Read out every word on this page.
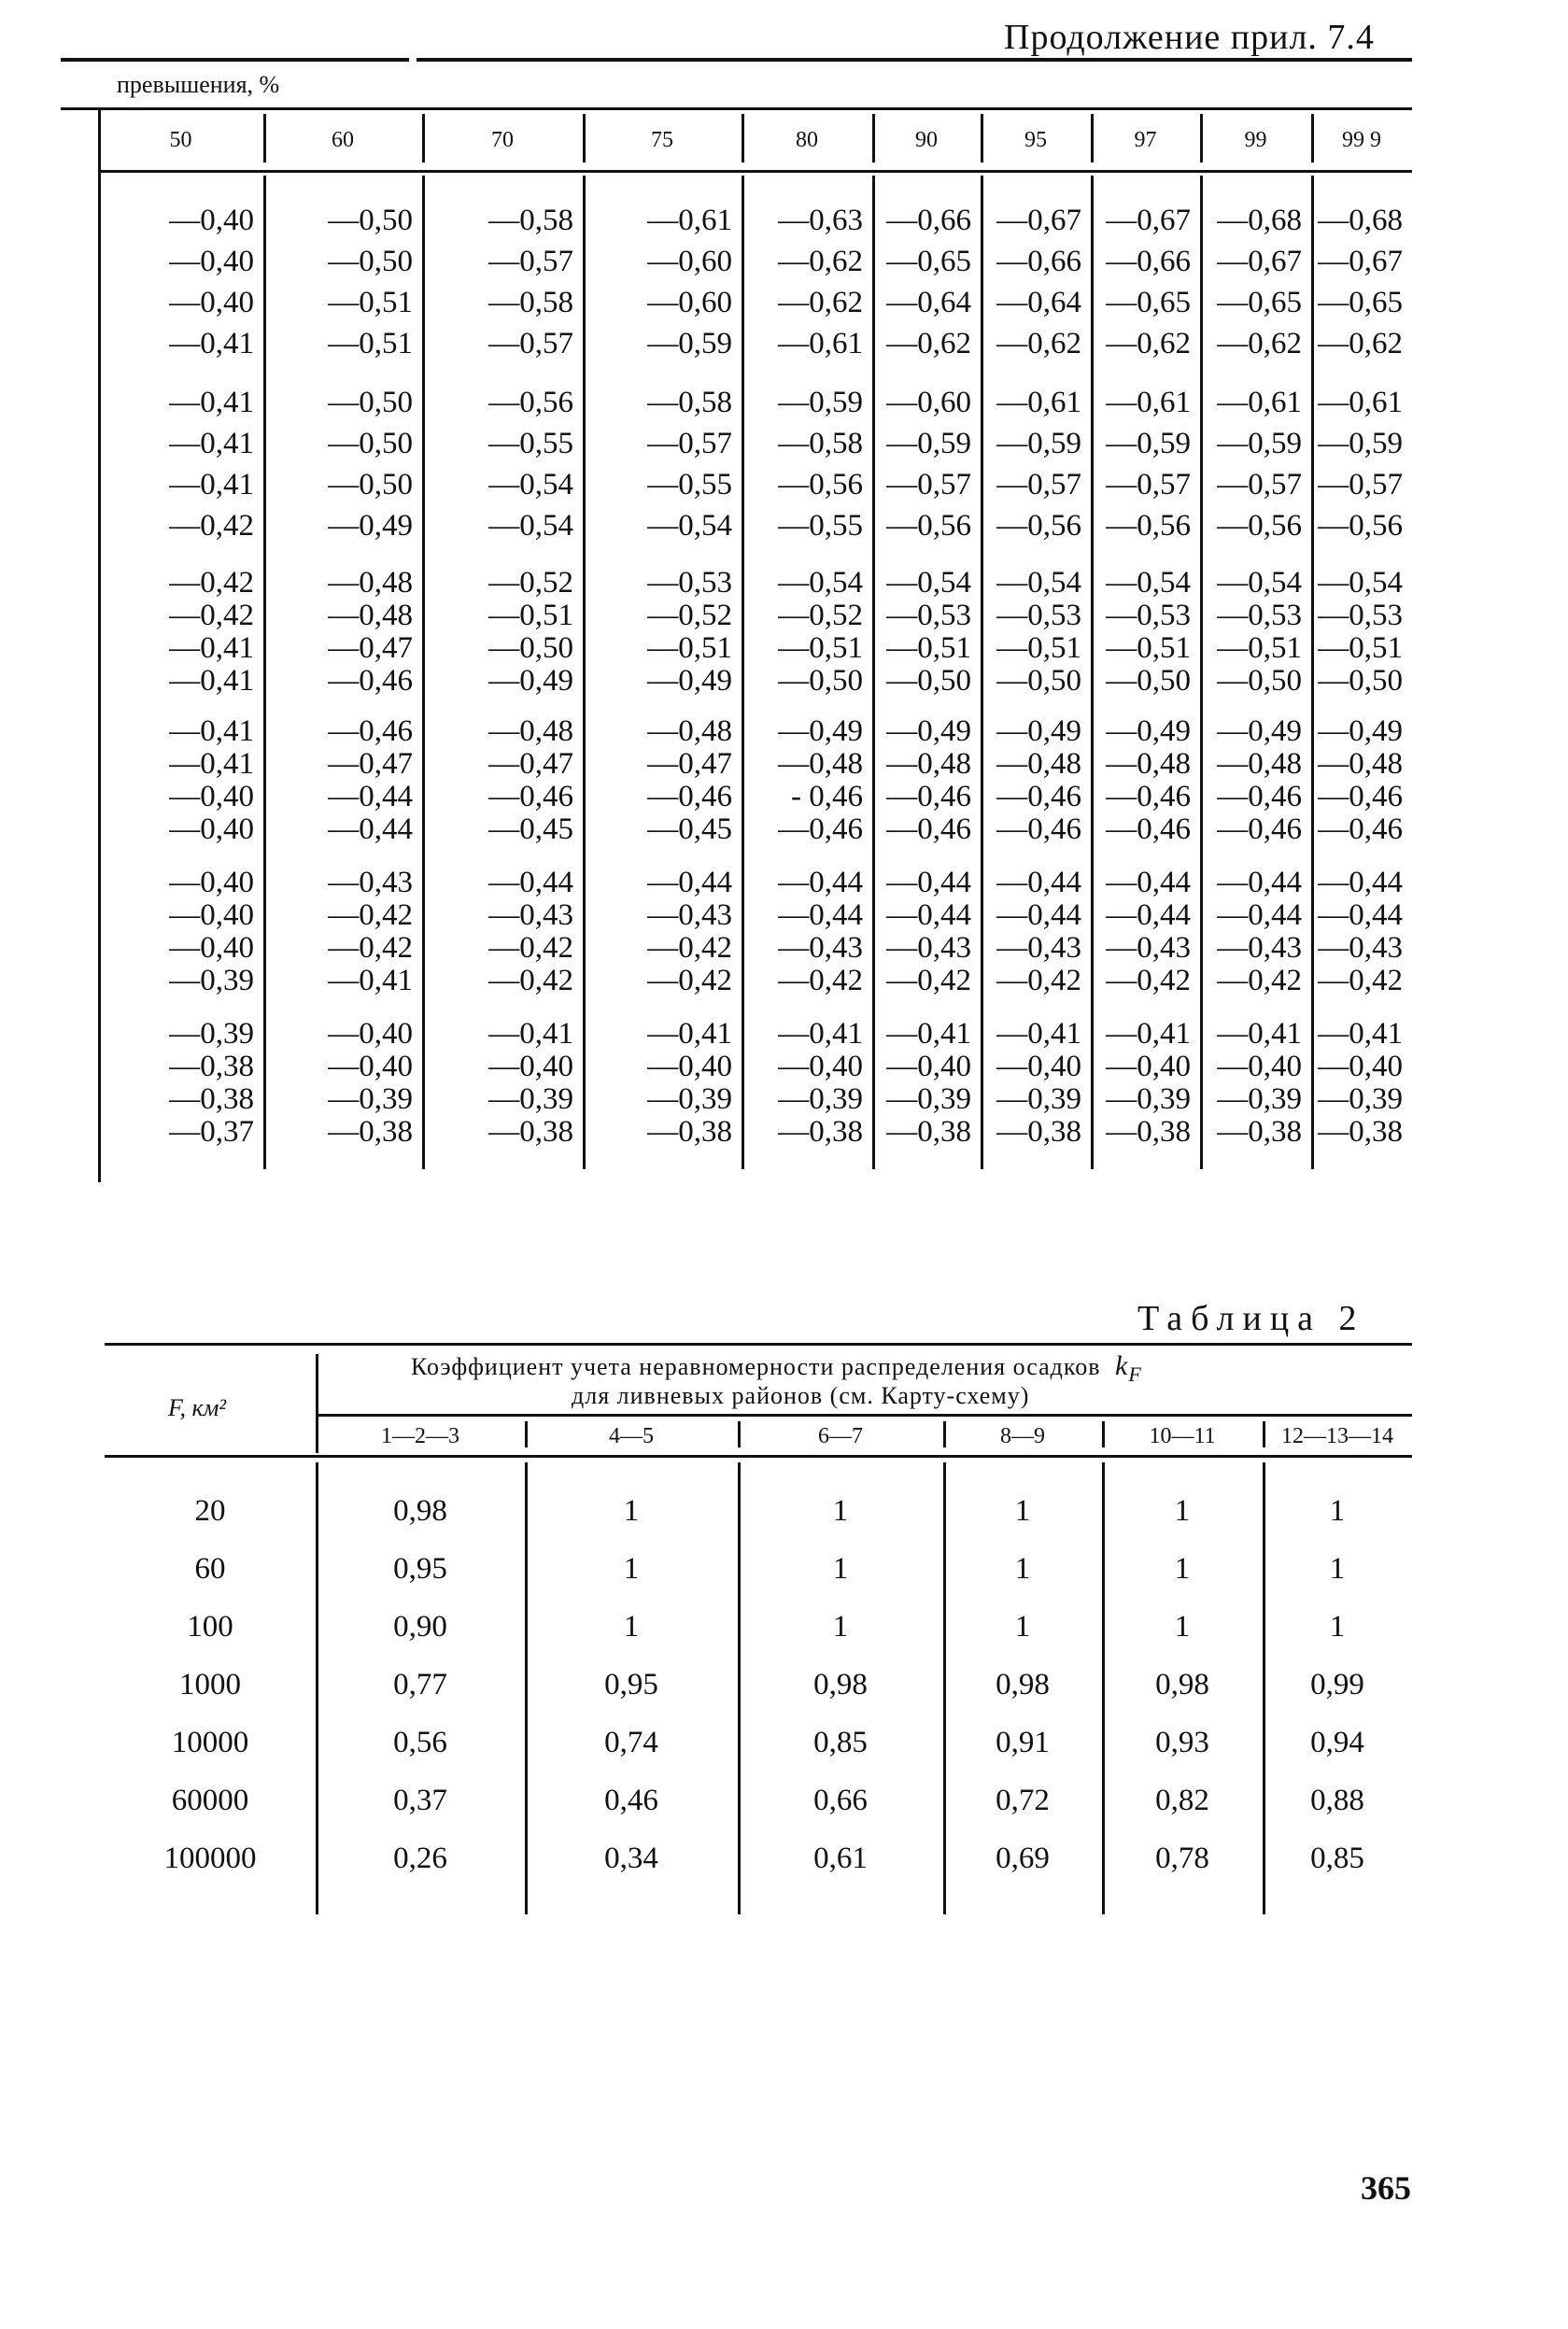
Продолжение прил. 7.4
превышения, %
50	60	70	75	80	90	95	97	99	99 9
—0,40 —0,50 —0,58 —0,61 —0,63 —0,66 —0,67 —0,67 —0,68 —0,68
—0,40 —0,50 —0,57 —0,60 —0,62 —0,65 —0,66 —0,66 —0,67 —0,67
—0,40 —0,51 —0,58 —0,60 —0,62 —0,64 —0,64 —0,65 —0,65 —0,65
—0,41 —0,51 —0,57 —0,59 —0,61 —0,62 —0,62 —0,62 —0,62 —0,62
—0,41 —0,50 —0,56 —0,58 —0,59 —0,60 —0,61 —0,61 —0,61 —0,61
—0,41 —0,50 —0,55 —0,57 —0,58 —0,59 —0,59 —0,59 —0,59 —0,59
—0,41 —0,50 —0,54 —0,55 —0,56 —0,57 —0,57 —0,57 —0,57 —0,57
—0,42 —0,49 —0,54 —0,54 —0,55 —0,56 —0,56 —0,56 —0,56 —0,56
—0,42 —0,48 —0,52 —0,53 —0,54 —0,54 —0,54 —0,54 —0,54 —0,54
—0,42 —0,48 —0,51 —0,52 —0,52 —0,53 —0,53 —0,53 —0,53 —0,53
—0,41 —0,47 —0,50 —0,51 —0,51 —0,51 —0,51 —0,51 —0,51 —0,51
—0,41 —0,46 —0,49 —0,49 —0,50 —0,50 —0,50 —0,50 —0,50 —0,50
—0,41 —0,46 —0,48 —0,48 —0,49 —0,49 —0,49 —0,49 —0,49 —0,49
—0,41 —0,47 —0,47 —0,47 —0,48 —0,48 —0,48 —0,48 —0,48 —0,48
—0,40 —0,44 —0,46 —0,46 - 0,46 —0,46 —0,46 —0,46 —0,46 —0,46
—0,40 —0,44 —0,45 —0,45 —0,46 —0,46 —0,46 —0,46 —0,46 —0,46
—0,40 —0,43 —0,44 —0,44 —0,44 —0,44 —0,44 —0,44 —0,44 —0,44
—0,40 —0,42 —0,43 —0,43 —0,44 —0,44 —0,44 —0,44 —0,44 —0,44
—0,40 —0,42 —0,42 —0,42 —0,43 —0,43 —0,43 —0,43 —0,43 —0,43
—0,39 —0,41 —0,42 —0,42 —0,42 —0,42 —0,42 —0,42 —0,42 —0,42
—0,39 —0,40 —0,41 —0,41 —0,41 —0,41 —0,41 —0,41 —0,41 —0,41
—0,38 —0,40 —0,40 —0,40 —0,40 —0,40 —0,40 —0,40 —0,40 —0,40
—0,38 —0,39 —0,39 —0,39 —0,39 —0,39 —0,39 —0,39 —0,39 —0,39
—0,37 —0,38 —0,38 —0,38 —0,38 —0,38 —0,38 —0,38 —0,38 —0,38
Таблица 2
F, км²
Коэффициент учета неравномерности распределения осадков $k_F$
для ливневых районов (см. Карту-схему)
1—2—3	4—5	6—7	8—9	10—11	12—13—14
20	0,98	1	1	1	1	1
60	0,95	1	1	1	1	1
100	0,90	1	1	1	1	1
1000	0,77	0,95	0,98	0,98	0,98	0,99
10000	0,56	0,74	0,85	0,91	0,93	0,94
60000	0,37	0,46	0,66	0,72	0,82	0,88
100000	0,26	0,34	0,61	0,69	0,78	0,85
365
